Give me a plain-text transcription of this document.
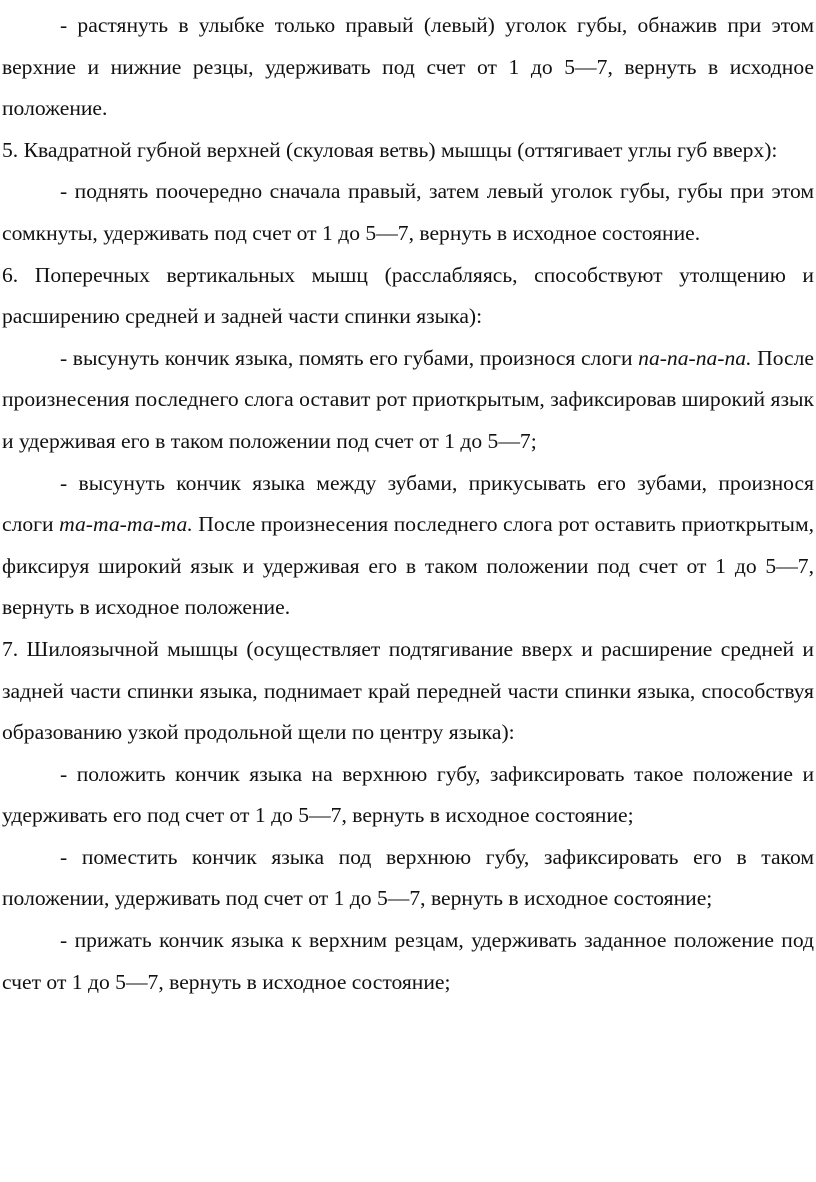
- растянуть в улыбке только правый (левый) уголок губы, обнажив при этом верхние и нижние резцы, удерживать под счет от 1 до 5—7, вернуть в исходное положение.

5. Квадратной губной верхней (скуловая ветвь) мышцы (оттягивает углы губ вверх):

- поднять поочередно сначала правый, затем левый уголок губы, губы при этом сомкнуты, удерживать под счет от 1 до 5—7, вернуть в исходное состояние.

6. Поперечных вертикальных мышц (расслабляясь, способствуют утолщению и расширению средней и задней части спинки языка):

- высунуть кончик языка, помять его губами, произнося слоги па-па-па-па. После произнесения последнего слога оставит рот приоткрытым, зафиксировав широкий язык и удерживая его в таком положении под счет от 1 до 5—7;

- высунуть кончик языка между зубами, прикусывать его зубами, произнося слоги та-та-та-та. После произнесения последнего слога рот оставить приоткрытым, фиксируя широкий язык и удерживая его в таком положении под счет от 1 до 5—7, вернуть в исходное положение.

7. Шилоязычной мышцы (осуществляет подтягивание вверх и расширение средней и задней части спинки языка, поднимает край передней части спинки языка, способствуя образованию узкой продольной щели по центру языка):

- положить кончик языка на верхнюю губу, зафиксировать такое положение и удерживать его под счет от 1 до 5—7, вернуть в исходное состояние;

- поместить кончик языка под верхнюю губу, зафиксировать его в таком положении, удерживать под счет от 1 до 5—7, вернуть в исходное состояние;

- прижать кончик языка к верхним резцам, удерживать заданное положение под счет от 1 до 5—7, вернуть в исходное состояние;
